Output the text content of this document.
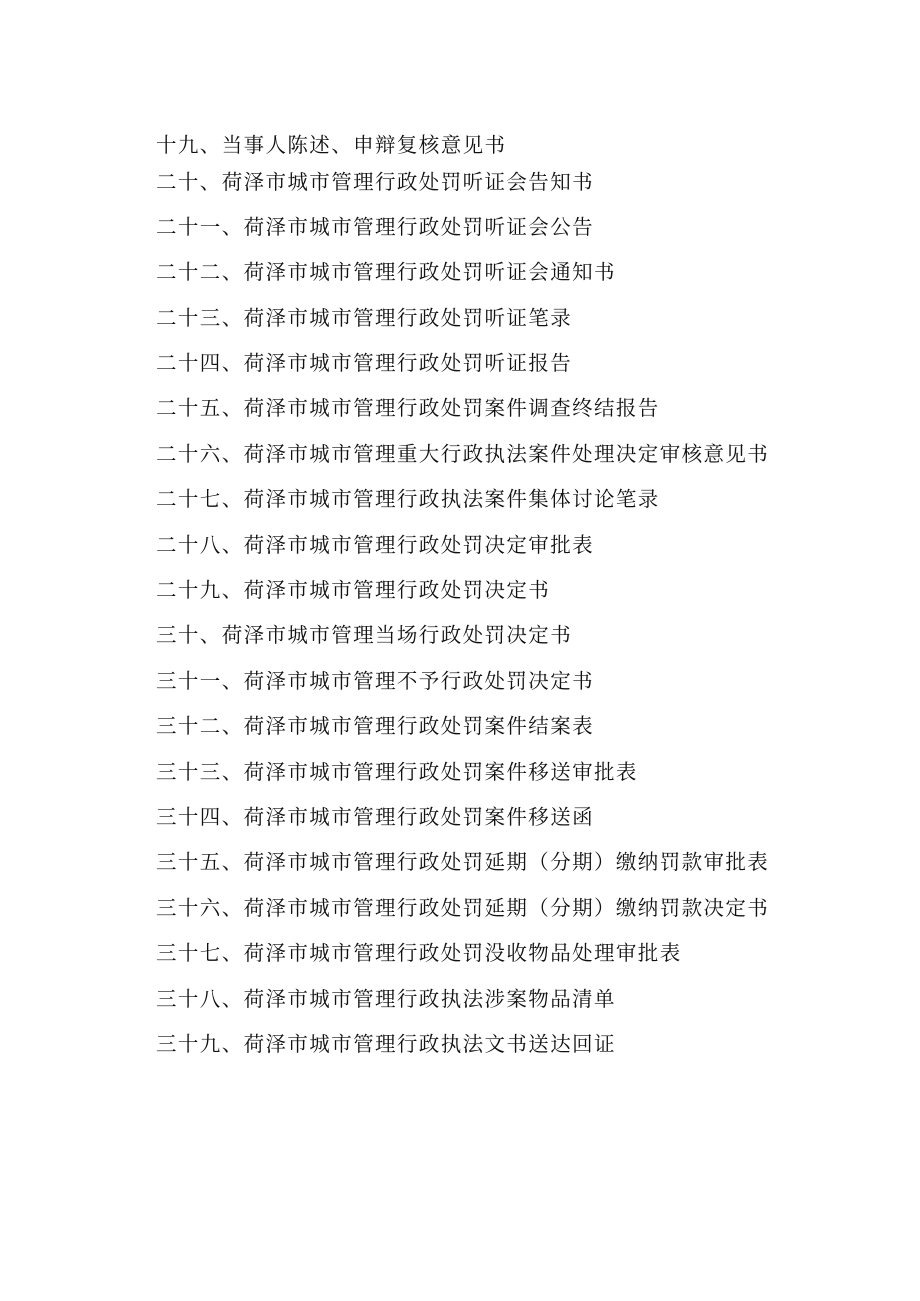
十九、当事人陈述、申辩复核意见书
二十、荷泽市城市管理行政处罚听证会告知书
二十一、荷泽市城市管理行政处罚听证会公告
二十二、荷泽市城市管理行政处罚听证会通知书
二十三、荷泽市城市管理行政处罚听证笔录
二十四、荷泽市城市管理行政处罚听证报告
二十五、荷泽市城市管理行政处罚案件调查终结报告
二十六、荷泽市城市管理重大行政执法案件处理决定审核意见书
二十七、荷泽市城市管理行政执法案件集体讨论笔录
二十八、荷泽市城市管理行政处罚决定审批表
二十九、荷泽市城市管理行政处罚决定书
三十、荷泽市城市管理当场行政处罚决定书
三十一、荷泽市城市管理不予行政处罚决定书
三十二、荷泽市城市管理行政处罚案件结案表
三十三、荷泽市城市管理行政处罚案件移送审批表
三十四、荷泽市城市管理行政处罚案件移送函
三十五、荷泽市城市管理行政处罚延期（分期）缴纳罚款审批表
三十六、荷泽市城市管理行政处罚延期（分期）缴纳罚款决定书
三十七、荷泽市城市管理行政处罚没收物品处理审批表
三十八、荷泽市城市管理行政执法涉案物品清单
三十九、荷泽市城市管理行政执法文书送达回证
